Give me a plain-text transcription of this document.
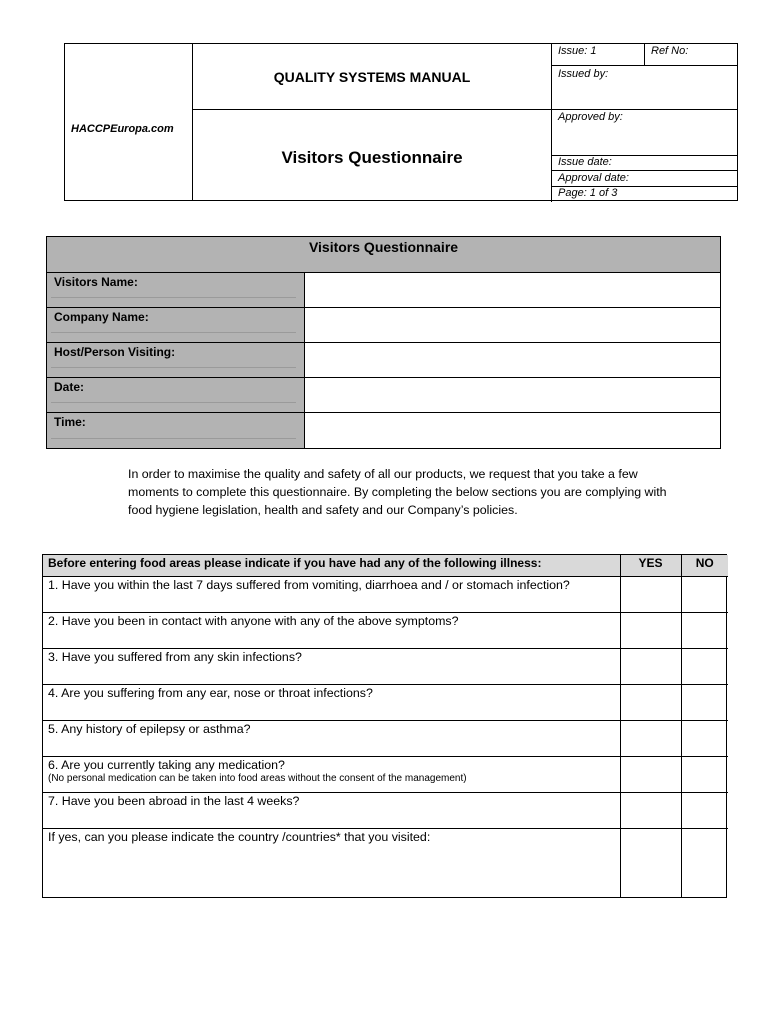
HACCPEuropa.com
QUALITY SYSTEMS MANUAL
Visitors Questionnaire
Issue: 1	Ref No:
Issued by:
Approved by:
Issue date:
Approval date:
Page: 1 of 3
Visitors Questionnaire
Visitors Name:
Company Name:
Host/Person Visiting:
Date:
Time:
In order to maximise the quality and safety of all our products, we request that you take a few moments to complete this questionnaire. By completing the below sections you are complying with food hygiene legislation, health and safety and our Company’s policies.
Before entering food areas please indicate if you have had any of the following illness:	YES	NO
1. Have you within the last 7 days suffered from vomiting, diarrhoea and / or stomach infection?		
2. Have you been in contact with anyone with any of the above symptoms?		
3. Have you suffered from any skin infections?		
4. Are you suffering from any ear, nose or throat infections?		
5. Any history of epilepsy or asthma?		
6. Are you currently taking any medication?
(No personal medication can be taken into food areas without the consent of the management)		

7. Have you been abroad in the last 4 weeks?		
If yes, can you please indicate the country /countries* that you visited:		
